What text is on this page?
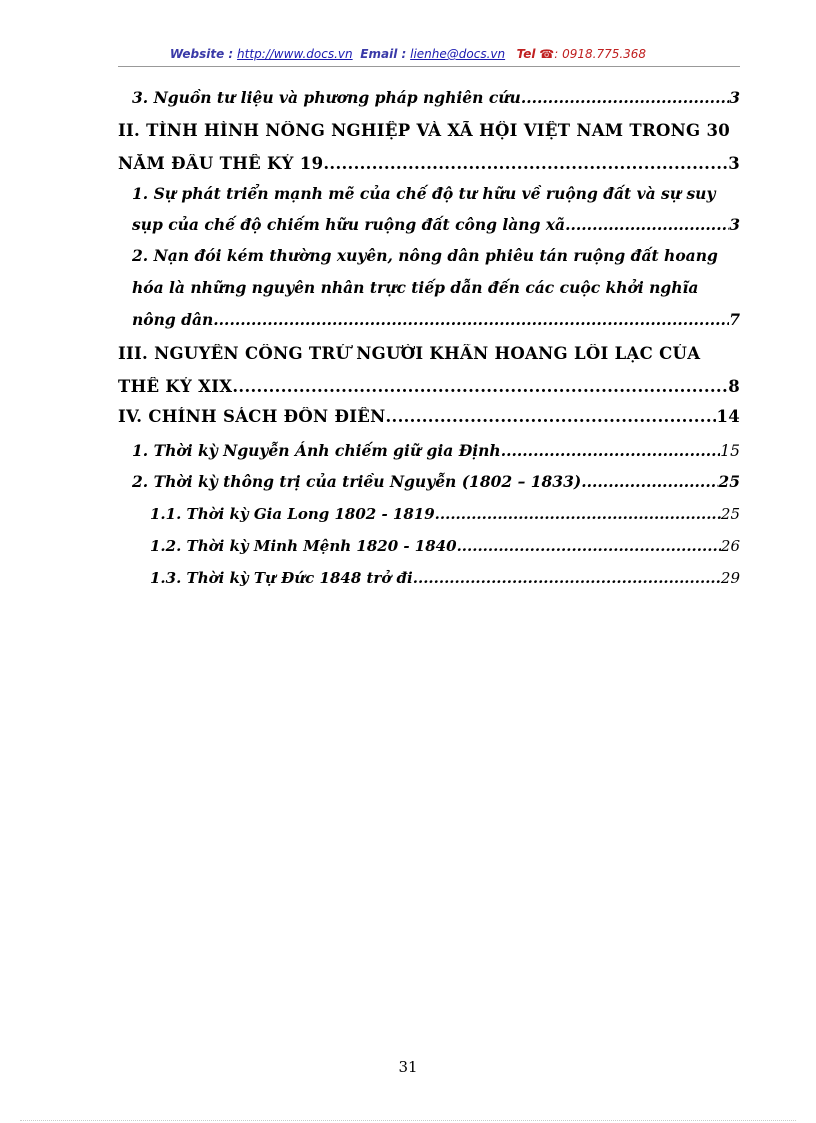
Website : http://www.docs.vn Email : lienhe@docs.vn Tel ☎: 0918.775.368
3. Nguồn tư liệu và phương pháp nghiên cứu .....	3
II. TÌNH HÌNH NÔNG NGHIỆP VÀ XÃ HỘI VIỆT NAM TRONG 30
NĂM ĐẦU THẾ KỶ 19 .....	3
1. Sự phát triển mạnh mẽ của chế độ tư hữu về ruộng đất và sự suy
sụp của chế độ chiếm hữu ruộng đất công làng xã .....	3
2. Nạn đói kém thường xuyên, nông dân phiêu tán ruộng đất hoang
hóa là những nguyên nhân trực tiếp dẫn đến các cuộc khởi nghĩa
nông dân .....	7
III. NGUYỄN CÔNG TRỨ NGƯỜI KHẨN HOANG LỖI LẠC CỦA
THẾ KỶ XIX .....	8
IV. CHÍNH SÁCH ĐỒN ĐIỀN .....	14
1. Thời kỳ Nguyễn Ánh chiếm giữ gia Định .....	15
2. Thời kỳ thông trị của triều Nguyễn (1802 – 1833) .....	25
1.1. Thời kỳ Gia Long 1802 - 1819 .....	25
1.2. Thời kỳ Minh Mệnh 1820 - 1840 .....	26
1.3. Thời kỳ Tự Đức 1848 trở đi .....	29
31
